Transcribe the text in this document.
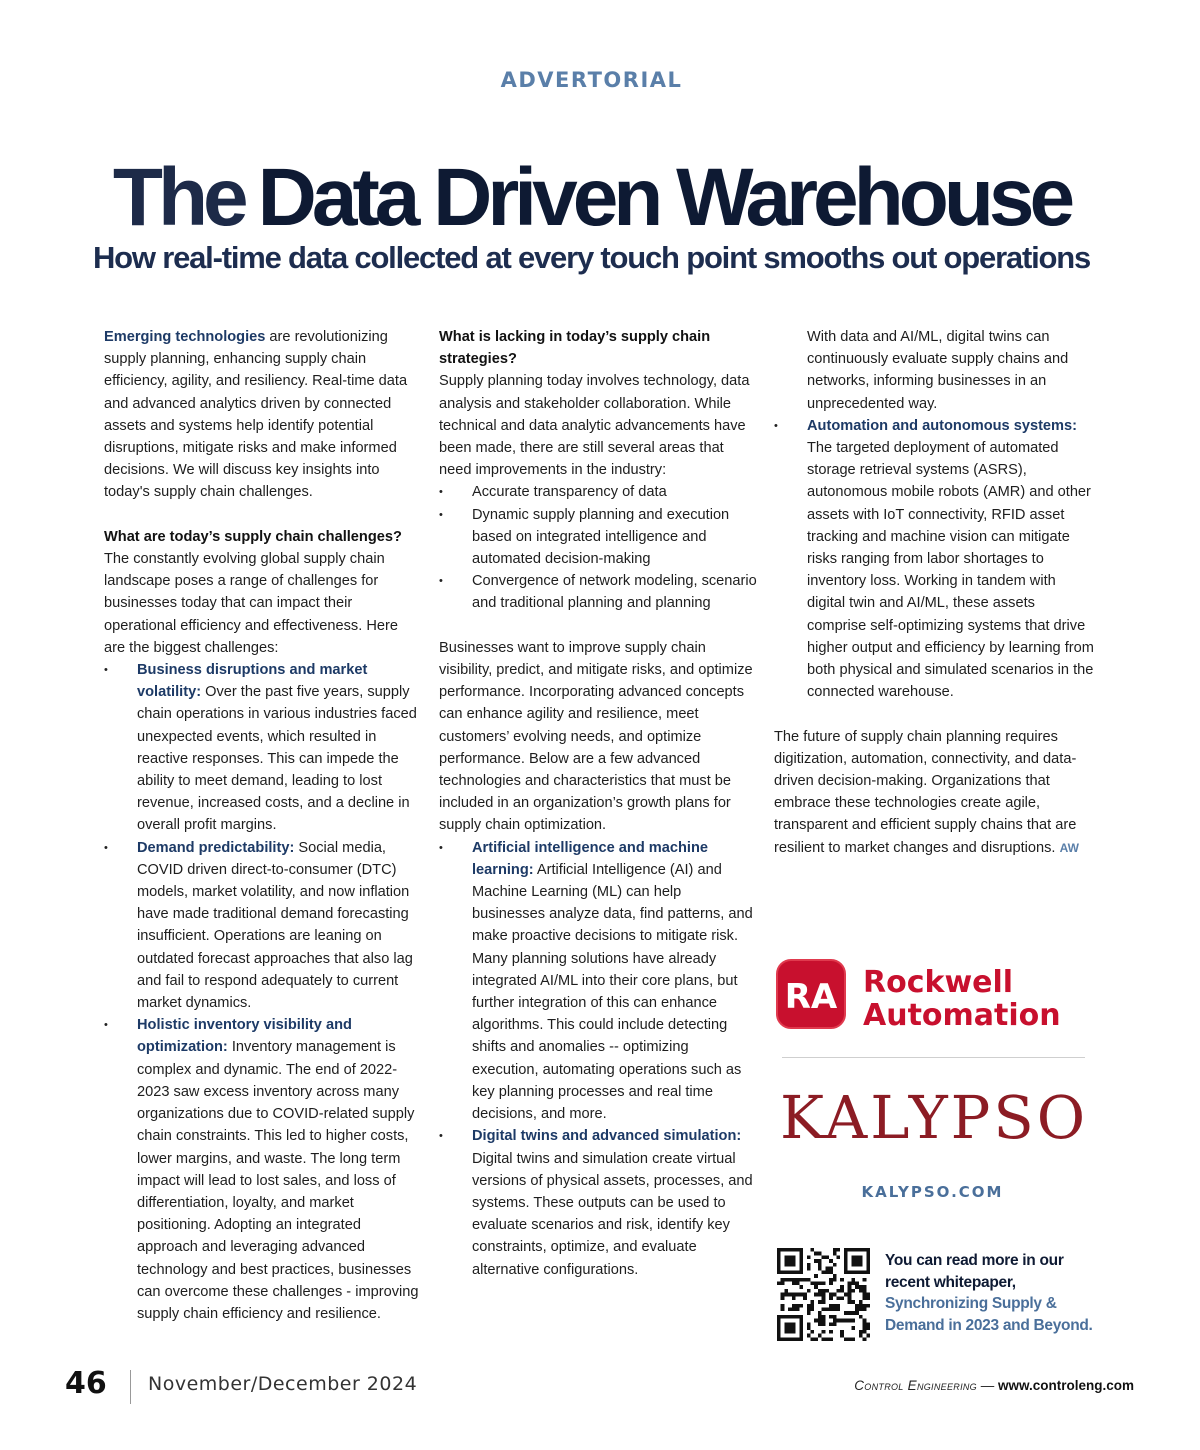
ADVERTORIAL
The Data Driven Warehouse
How real-time data collected at every touch point smooths out operations

Emerging technologies are revolutionizing supply planning, enhancing supply chain efficiency, agility, and resiliency. Real-time data and advanced analytics driven by connected assets and systems help identify potential disruptions, mitigate risks and make informed decisions. We will discuss key insights into today's supply chain challenges.

What are today’s supply chain challenges?

The constantly evolving global supply chain landscape poses a range of challenges for businesses today that can impact their operational efficiency and effectiveness. Here are the biggest challenges:

• Business disruptions and market volatility: Over the past five years, supply chain operations in various industries faced unexpected events, which resulted in reactive responses. This can impede the ability to meet demand, leading to lost revenue, increased costs, and a decline in overall profit margins.
• Demand predictability: Social media, COVID driven direct-to-consumer (DTC) models, market volatility, and now inflation have made traditional demand forecasting insufficient. Operations are leaning on outdated forecast approaches that also lag and fail to respond adequately to current market dynamics.
• Holistic inventory visibility and optimization: Inventory management is complex and dynamic. The end of 2022-2023 saw excess inventory across many organizations due to COVID-related supply chain constraints. This led to higher costs, lower margins, and waste. The long term impact will lead to lost sales, and loss of differentiation, loyalty, and market positioning. Adopting an integrated approach and leveraging advanced technology and best practices, businesses can overcome these challenges - improving supply chain efficiency and resilience.

What is lacking in today’s supply chain strategies?

Supply planning today involves technology, data analysis and stakeholder collaboration. While technical and data analytic advancements have been made, there are still several areas that need improvements in the industry:

• Accurate transparency of data
• Dynamic supply planning and execution based on integrated intelligence and automated decision-making
• Convergence of network modeling, scenario and traditional planning and planning

Businesses want to improve supply chain visibility, predict, and mitigate risks, and optimize performance. Incorporating advanced concepts can enhance agility and resilience, meet customers’ evolving needs, and optimize performance. Below are a few advanced technologies and characteristics that must be included in an organization’s growth plans for supply chain optimization.

• Artificial intelligence and machine learning: Artificial Intelligence (AI) and Machine Learning (ML) can help businesses analyze data, find patterns, and make proactive decisions to mitigate risk. Many planning solutions have already integrated AI/ML into their core plans, but further integration of this can enhance algorithms. This could include detecting shifts and anomalies -- optimizing execution, automating operations such as key planning processes and real time decisions, and more.
• Digital twins and advanced simulation: Digital twins and simulation create virtual versions of physical assets, processes, and systems. These outputs can be used to evaluate scenarios and risk, identify key constraints, optimize, and evaluate alternative configurations.

With data and AI/ML, digital twins can continuously evaluate supply chains and networks, informing businesses in an unprecedented way.

• Automation and autonomous systems: The targeted deployment of automated storage retrieval systems (ASRS), autonomous mobile robots (AMR) and other assets with IoT connectivity, RFID asset tracking and machine vision can mitigate risks ranging from labor shortages to inventory loss. Working in tandem with digital twin and AI/ML, these assets comprise self-optimizing systems that drive higher output and efficiency by learning from both physical and simulated scenarios in the connected warehouse.

The future of supply chain planning requires digitization, automation, connectivity, and data-driven decision-making. Organizations that embrace these technologies create agile, transparent and efficient supply chains that are resilient to market changes and disruptions. AW

RA Rockwell
Automation
KALYPSO
KALYPSO.COM
You can read more in our recent whitepaper,
Synchronizing Supply & Demand in 2023 and Beyond.
46 November/December 2024	Control Engineering — www.controleng.com
